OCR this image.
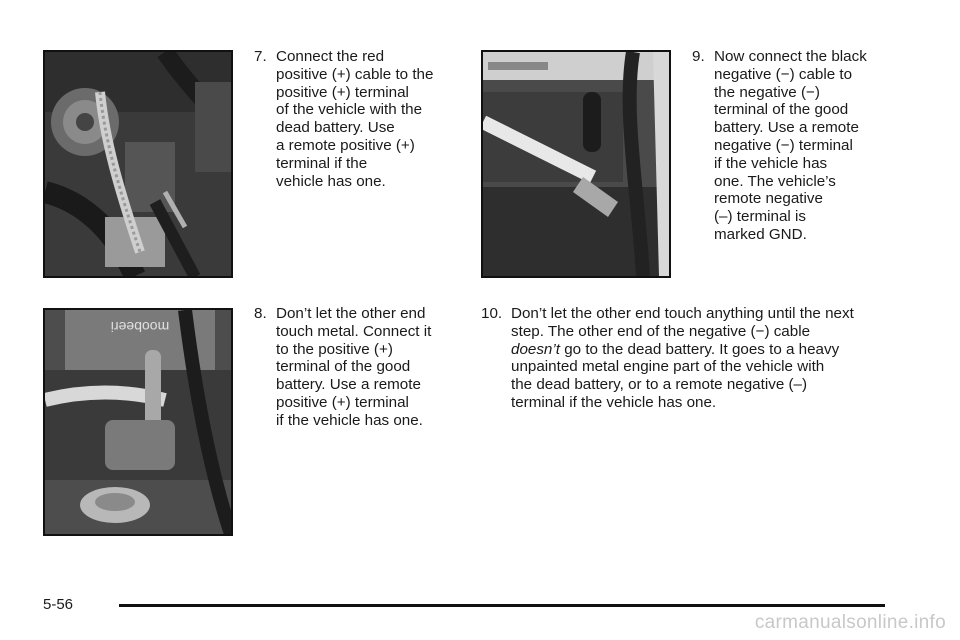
moobeeri
7. Connect the red
positive (+) cable to the
positive (+) terminal
of the vehicle with the
dead battery. Use
a remote positive (+)
terminal if the
vehicle has one.
8. Don’t let the other end
touch metal. Connect it
to the positive (+)
terminal of the good
battery. Use a remote
positive (+) terminal
if the vehicle has one.
9. Now connect the black
negative (−) cable to
the negative (−)
terminal of the good
battery. Use a remote
negative (−) terminal
if the vehicle has
one. The vehicle’s
remote negative
(–) terminal is
marked GND.
10. Don’t let the other end touch anything until the next
step. The other end of the negative (−) cable
doesn’t go to the dead battery. It goes to a heavy
unpainted metal engine part of the vehicle with
the dead battery, or to a remote negative (–)
terminal if the vehicle has one.
5-56
carmanualsonline.info
